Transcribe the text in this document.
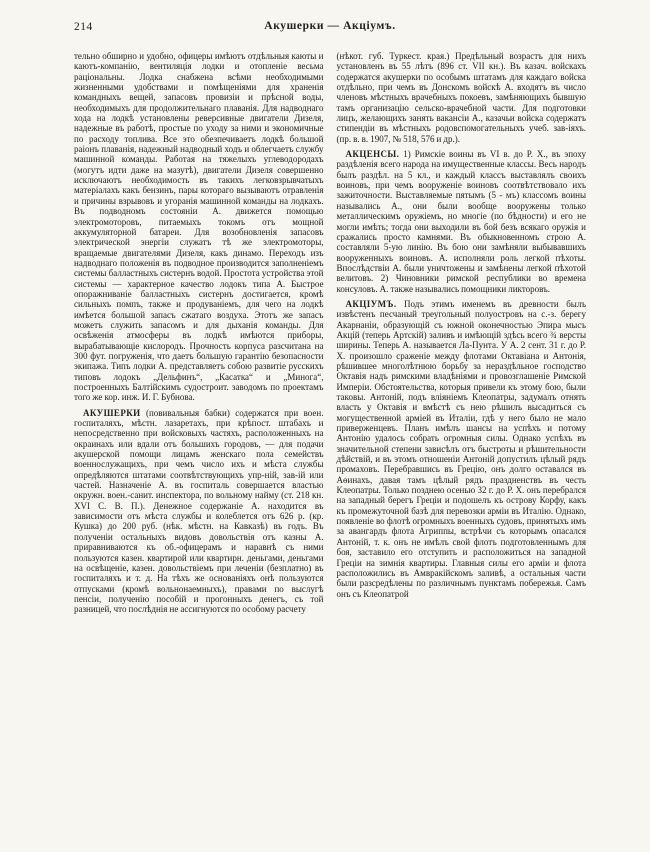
214	Акушерки — Акціумъ.

тельно обширно и удобно, офицеры имѣютъ отдѣльныя каюты и каютъ-компанію, вентиляція лодки и отопленіе весьма раціональны. Лодка снабжена всѣми необходимыми жизненными удобствами и помѣщеніями для храненія командныхъ вещей, запасовъ провизіи и прѣсной воды, необходимыхъ для продолжительнаго плаванія. Для надводнаго хода на лодкѣ установлены реверсивные двигатели Дизеля, надежные въ работѣ, простые по уходу за ними и экономичные по расходу топлива. Все это обезпечиваетъ лодкѣ большой раіонъ плаванія, надежный надводный ходъ и облегчаетъ службу машинной команды. Работая на тяжелыхъ углеводородахъ (могутъ идти даже на мазутѣ), двигатели Дизеля совершенно исключаютъ необходимость въ такихъ легковзрывчатыхъ матеріалахъ какъ бензинъ, пары котораго вызываютъ отравленія и причины взрывовъ и угоранія машинной команды на лодкахъ. Въ подводномъ состояніи А. движется помощью электромоторовъ, питаемыхъ токомъ отъ мощной аккумуляторной батареи. Для возобновленія запасовъ электрической энергіи служатъ тѣ же электромоторы, вращаемые двигателями Дизеля, какъ динамо. Переходъ изъ надводнаго положенія въ подводное производится заполненіемъ системы балластныхъ систернъ водой. Простота устройства этой системы — характерное качество лодокъ типа А. Быстрое опоражниваніе балластныхъ систернъ достигается, кромѣ сильныхъ помпъ, также и продуваніемъ, для чего на лодкѣ имѣется большой запасъ сжатаго воздуха. Этотъ же запасъ можетъ служить запасомъ и для дыханія команды. Для освѣженія атмосферы въ лодкѣ имѣются приборы, вырабатывающіе кислородъ. Прочность корпуса разсчитана на 300 фут. погруженія, что даетъ большую гарантію безопасности экипажа. Типъ лодки А. представляетъ собою развитіе русскихъ типовъ лодокъ „Дельфинъ“, „Касатка“ и „Минога“, построенныхъ Балтійскимъ судостроит. заводомъ по проектамъ того же кор. инж. И. Г. Бубнова.

АКУШЕРКИ (повивальныя бабки) содержатся при воен. госпиталяхъ, мѣстн. лазаретахъ, при крѣпост. штабахъ и непосредственно при войсковыхъ частяхъ, расположенныхъ на окраинахъ или вдали отъ большихъ городовъ, — для подачи акушерской помощи лицамъ женскаго пола семействъ военнослужащихъ, при чемъ число ихъ и мѣста службы опредѣляются штатами соотвѣтствующихъ упр-ній, зав-ій или частей. Назначеніе А. въ госпиталь совершается властью окружн. воен.-санит. инспектора, по вольному найму (ст. 218 кн. XVI С. В. П.). Денежное содержаніе А. находится въ зависимости отъ мѣста службы и колеблется отъ 626 р. (кр. Кушка) до 200 руб. (нѣк. мѣстн. на Кавказѣ) въ годъ. Въ полученіи остальныхъ видовъ довольствія отъ казны А. приравниваются къ об.-офицерамъ и наравнѣ съ ними пользуются казен. квартирой или квартирн. деньгами, деньгами на освѣщеніе, казен. довольствіемъ при леченіи (безплатно) въ госпиталяхъ и т. д. На тѣхъ же основаніяхъ онѣ пользуются отпусками (кромѣ вольнонаемныхъ), правами по выслугѣ пенсіи, полученію пособій и прогонныхъ денегъ, съ той разницей, что послѣднія не ассигнуются по особому расчету

(нѣкот. губ. Туркест. края.) Предѣльный возрастъ для нихъ установленъ въ 55 лѣтъ (896 ст. VII кн.). Въ казач. войскахъ содержатся акушерки по особымъ штатамъ для каждаго войска отдѣльно, при чемъ въ Донскомъ войскѣ А. входятъ въ число членовъ мѣстныхъ врачебныхъ покоевъ, замѣняющихъ бывшую тамъ организацію сельско-врачебной части. Для подготовки лицъ, желающихъ занять вакансіи А., казачьи войска содержатъ стипендіи въ мѣстныхъ родовспомогательныхъ учеб. зав-іяхъ. (пр. в. в. 1907, № 518, 576 и др.).

АКЦЕНСЫ. 1) Римскіе воины въ VI в. до Р. Х., въ эпоху раздѣленія всего народа на имущественные классы. Весь народъ былъ раздѣл. на 5 кл., и каждый классъ выставлялъ своихъ воиновъ, при чемъ вооруженіе воиновъ соотвѣтствовало ихъ зажиточности. Выставляемые пятымъ (5 - мъ) классомъ воины назывались А., они были вообще вооружены только металлическимъ оружіемъ, но многіе (по бѣдности) и его не могли имѣть; тогда они выходили въ бой безъ всякаго оружія и сражались просто камнями. Въ обыкновенномъ строю А. составляли 5-ую линію. Въ бою они замѣняли выбывавшихъ вооруженныхъ воиновъ. А. исполняли роль легкой пѣхоты. Впослѣдствіи А. были уничтожены и замѣнены легкой пѣхотой велитовъ. 2) Чиновники римской республики во времена консуловъ. А. также назывались помощники ликторовъ.

АКЦІУМЪ. Подъ этимъ именемъ въ древности былъ извѣстенъ песчаный треугольный полуостровъ на с.-з. берегу Акарнаніи, образующій съ южной оконечностью Эпира мысъ Акцій (теперь Артскій) заливъ и имѣющій здѣсь всего ¾ версты ширины. Теперь А. называется Ла-Пунта. У А. 2 сент. 31 г. до Р. Х. произошло сраженіе между флотами Октавіана и Антонія, рѣшившее многолѣтнюю борьбу за нераздѣльное господство Октавія надъ римскими владѣніями и провозглашеніе Римской Имперіи. Обстоятельства, которыя привели къ этому бою, были таковы. Антоній, подъ вліяніемъ Клеопатры, задумалъ отнять власть у Октавія и вмѣстѣ съ нею рѣшилъ высадиться съ могущественной арміей въ Италіи, гдѣ у него было не мало приверженцевъ. Планъ имѣлъ шансы на успѣхъ и потому Антонію удалось собрать огромныя силы. Однако успѣхъ въ значительной степени зависѣлъ отъ быстроты и рѣшительности дѣйствій, и въ этомъ отношеніи Антоній допустилъ цѣлый рядъ промаховъ. Перебравшись въ Грецію, онъ долго оставался въ Аѳинахъ, давая тамъ цѣлый рядъ праздненствъ въ честь Клеопатры. Только позднею осенью 32 г. до Р. Х. онъ перебрался на западный берегъ Греціи и подошелъ къ острову Корфу, какъ къ промежуточной базѣ для перевозки арміи въ Италію. Однако, появленіе во флотѣ огромныхъ военныхъ судовъ, принятыхъ имъ за авангардъ флота Агриппы, встрѣчи съ которымъ опасался Антоній, т. к. онъ не имѣлъ свой флотъ подготовленнымъ для боя, заставило его отступить и расположиться на западной Греціи на зимнія квартиры. Главныя силы его арміи и флота расположились въ Амвракійскомъ заливѣ, а остальныя части были разсредѣлены по различнымъ пунктамъ побережья. Самъ онъ съ Клеопатрой
